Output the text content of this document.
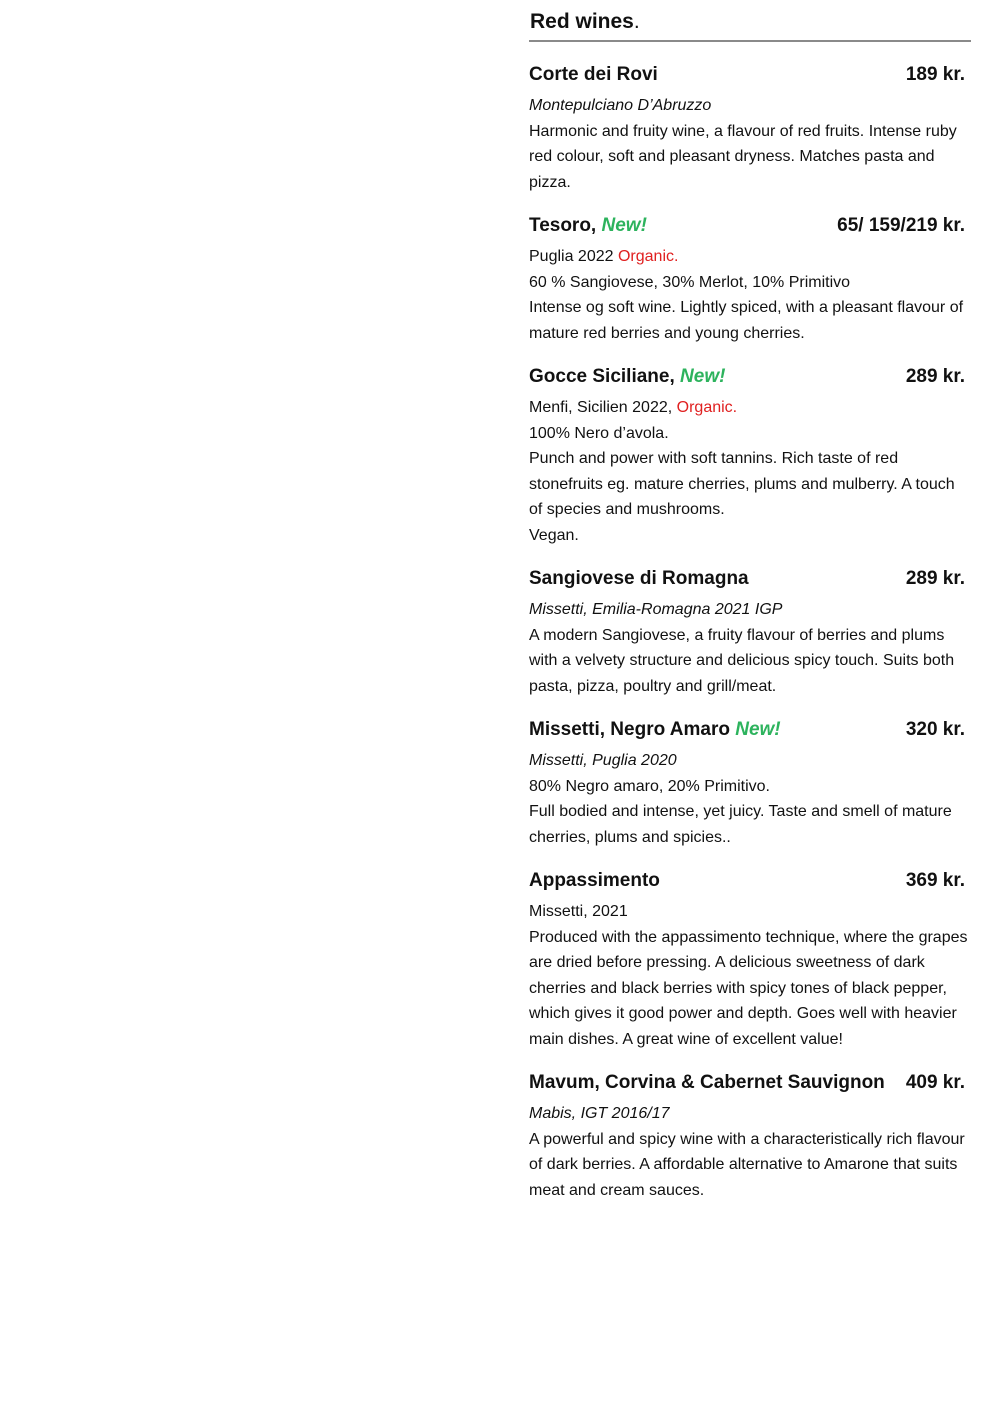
Red wines.
Corte dei Rovi	189 kr.
Montepulciano D’Abruzzo
Harmonic and fruity wine, a flavour of red fruits. Intense ruby red colour, soft and pleasant dryness. Matches pasta and pizza.
Tesoro, New!	65/ 159/219 kr.
Puglia 2022 Organic.
60 % Sangiovese, 30% Merlot, 10% Primitivo
Intense og soft wine. Lightly spiced, with a pleasant flavour of mature red berries and young cherries.
Gocce Siciliane, New!	289 kr.
Menfi, Sicilien 2022, Organic.
100% Nero d’avola.
Punch and power with soft tannins. Rich taste of red stonefruits eg. mature cherries, plums and mulberry. A touch of species and mushrooms.
Vegan.
Sangiovese di Romagna	289 kr.
Missetti, Emilia-Romagna 2021 IGP
A modern Sangiovese, a fruity flavour of berries and plums with a velvety structure and delicious spicy touch. Suits both pasta, pizza, poultry and grill/meat.
Missetti, Negro Amaro New!	320 kr.
Missetti, Puglia 2020
80% Negro amaro, 20% Primitivo.
Full bodied and intense, yet juicy. Taste and smell of mature cherries, plums and spicies..
Appassimento	369 kr.
Missetti, 2021
Produced with the appassimento technique, where the grapes are dried before pressing. A delicious sweetness of dark cherries and black berries with spicy tones of black pepper, which gives it good power and depth. Goes well with heavier main dishes. A great wine of excellent value!
Mavum, Corvina & Cabernet Sauvignon 409 kr.
Mabis, IGT 2016/17
A powerful and spicy wine with a characteristically rich flavour of dark berries. A affordable alternative to Amarone that suits meat and cream sauces.
